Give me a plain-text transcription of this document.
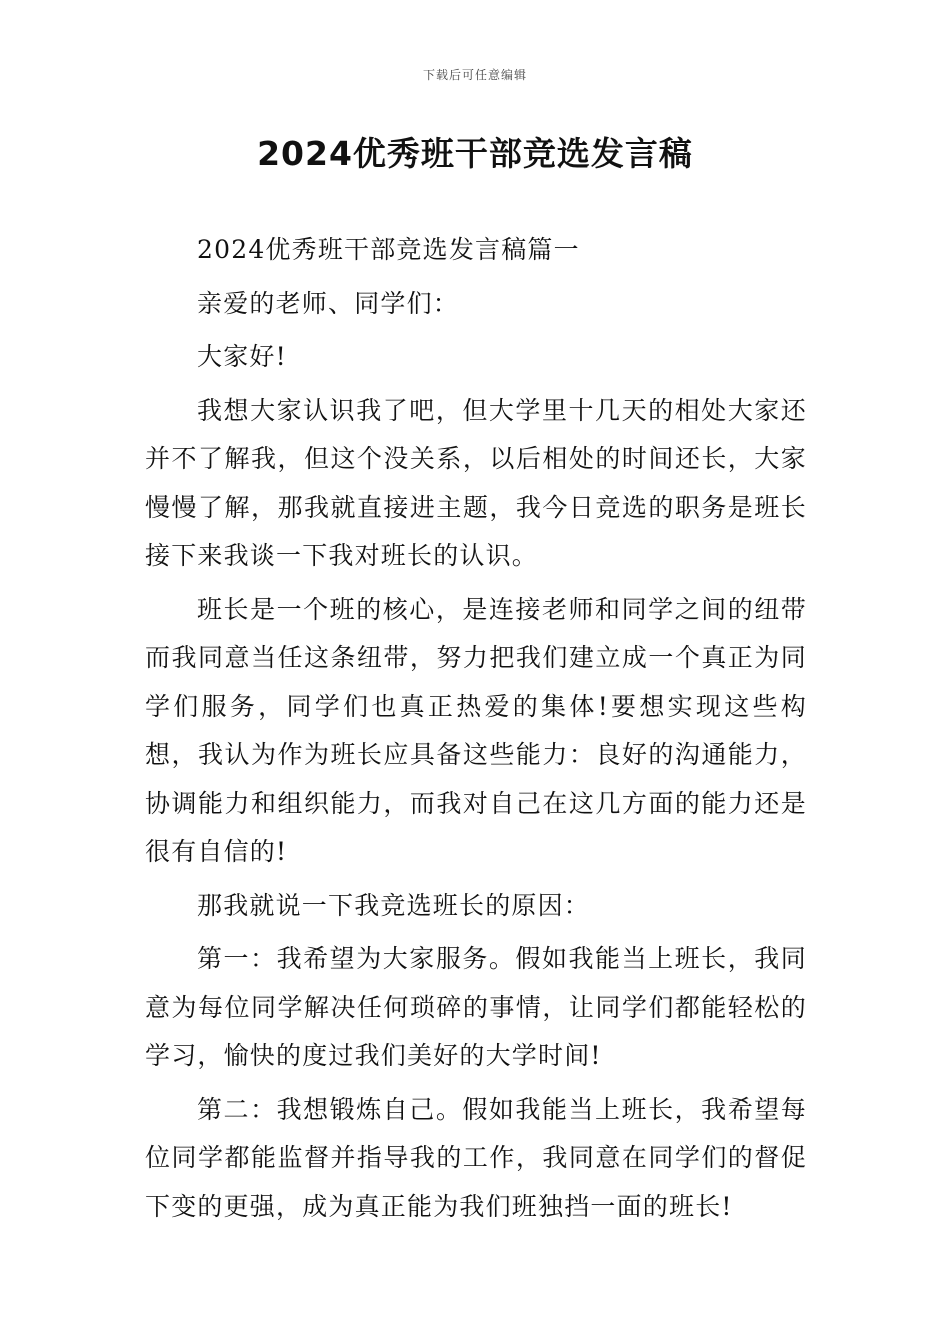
下载后可任意编辑
2024优秀班干部竞选发言稿

2024优秀班干部竞选发言稿篇一

亲爱的老师、同学们：

大家好!

我想大家认识我了吧，但大学里十几天的相处大家还并不了解我，但这个没关系，以后相处的时间还长，大家慢慢了解，那我就直接进主题，我今日竞选的职务是班长接下来我谈一下我对班长的认识。

班长是一个班的核心，是连接老师和同学之间的纽带而我同意当任这条纽带，努力把我们建立成一个真正为同学们服务，同学们也真正热爱的集体!要想实现这些构想，我认为作为班长应具备这些能力：良好的沟通能力，协调能力和组织能力，而我对自己在这几方面的能力还是很有自信的!

那我就说一下我竞选班长的原因：

第一：我希望为大家服务。假如我能当上班长，我同意为每位同学解决任何琐碎的事情，让同学们都能轻松的学习，愉快的度过我们美好的大学时间!

第二：我想锻炼自己。假如我能当上班长，我希望每位同学都能监督并指导我的工作，我同意在同学们的督促下变的更强，成为真正能为我们班独挡一面的班长!
